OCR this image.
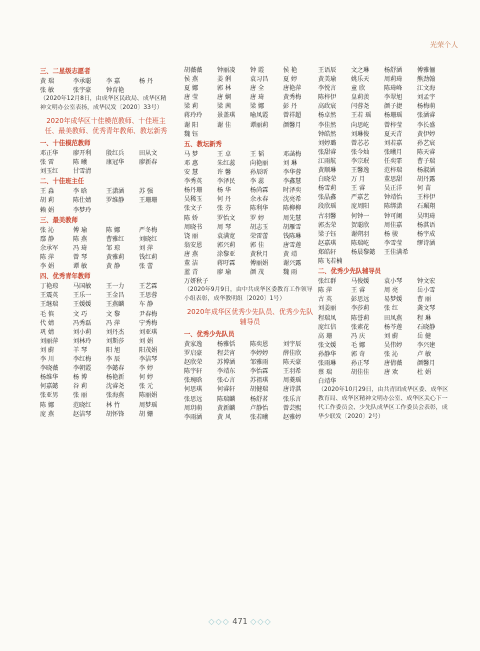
光荣个人
三、二星级志愿者
黄 瑞	李承聪	李 嘉	杨 丹
张 敏	张宇豪	钟育艳
（2020年12月8日，由成华区民政局、成华区精神文明办公室表扬，成华民发〔2020〕33号）
2020年成华区十佳模范教师、十佳班主任、最美教师、优秀青年教师、教坛新秀
一、十佳模范教师
邓正华	廖开利	殷红兵	田从文
张 雷	陈 曦	康冠华	廖新春
刘玉红	甘雪清
二、十佳班主任
王 淼	李 晗	王潇涵	苏 强
胡 莉	陈仕婧	罗维静	王珊珊
赖 娟	李梦玲
三、最美教师
张 沁	傅 瑜	陈 娜	严冬梅
鄢 静	陈 燕	曹雅红	刘晓红
余承军	冯 琦	邹 琼	刘 萍
陈 萍	曾 琴	黄雅莉	钱红莉
李 娟	谭 敏	黄 静	张 蕾
四、优秀青年教师
丁艳琼	马国敏	王一力	王艺霖
王震英	王乐一	王金昌	王思蓉
王继瑞	王媛媛	王燕麟	车 静
毛 傧	文 巧	文 黎	尹春梅
代 婧	冯秀磊	冯 萍	宁秀梅
巩 婧	刘小莉	刘丹杰	刘亚琪
刘丽萍	刘林玲	刘斯莎	刘 娟
刘 蔚	羊 琴	阳 旭	阳茂娟
李 川	李红梅	李 辰	李洁琴
李晓薇	李朝霞	李懿春	李 婷
杨维华	杨 博	杨艳新	何 婷
何嘉懿	谷 莉	沈睿尧	张 元
张亚男	张 丽	张海燕	陈丽娟
陈 娜	范晓红	林 竹	周梦瑶
庞 燕	赵洁琴	胡怀锋	胡 姗
胡薇薇	钟丽凌	钟 霞	侯 艳
侯 燕	姜 俐	袁习昌	夏 婷
夏 娜	郭 林	唐 全	唐艳萍
唐 莹	唐 娴	唐 琦	黄秀梅
梁 莉	梁 茜	梁 娜	彭 丹
蒋玲玲	景盖琪	喻凤霞	曾祥超
谢 阳	谢 佳	谭丽莉	颜馨月
魏 钰
五、教坛新秀
马 梦	王 卓	王 韬	邓菡梅
邓 惠	朱红蕊	向艳丽	刘 琳
安 慧	许 馨	孙辰昕	李华蓉
李秀英	李泽民	李 蕊	李鑫慧
杨丹珊	杨 华	杨尚霖	时泽奕
吴稀玉	何 丹	余永春	沈亮希
张文子	张 芬	陈利华	陈柳柳
陈 娇	罗怡文	罗 婷	周先慧
周晓书	周 琴	胡志玉	胡雁雪
饶 丽	袁满宽	荣雷蕾	钱陈琳
翁安恩	郭兴莉	郭 佳	唐雪莲
唐 燕	涂黎亚	黄秋月	黄 靖
董 洁	蒋旴霖	傅丽娟	谢兴露
蓝 青	廖 瑜	颜 茂	魏 雨
万妍秋子
（2020年9月9日，由中共成华区委教育工作领导小组表彰，成华教明组〔2020〕1号）
2020年成华区优秀少先队员、优秀少先队辅导员
一、优秀少先队员
黄家逸	杨雅恬	陈奕恩	刘宇辰
罗启豪	程芸宵	李婷婷	薛佳欣
赵欣荣	苏博涵	邹雅雨	陈天豪
陈宇轩	李靖东	李怡霖	王羽希
张琬晗	张心言	苏祖琪	周菱瑶
何思琪	何睿轩	胡健瑞	唐诗淇
张思远	陈瑞麟	杨舒茗	张乐言
周玥萌	黄新麟	卢静怡	曾芸熙
李雨涵	黄 风	张若曦	赵雅婷
王语辰	文之琳	杨舒涵	傅雅俪
黄美瑜	姚乐天	周莉琦	熊劲翰
李悦言	童 欣	陈琦峰	江文海
陈梓伊	皇莉羡	李翠旭	刘孟宇
高政宸	闫蓉尧	颜子捷	杨梅萌
杨卓然	王若 瑶	杨珊瑶	张涵睿
李佳然	向思屹	曾梓莹	李长盛
钟皓然	刘琳俊	夏天青	黄伊婷
刘婷璐	曾芯芯	刘若嘉	孙艺宸
张甜睿	张今灿	张曦月	陈天睿
江雨航	李宗珉	任奕霏	曹子瑞
黄顺琳	王馨逸	范梓瑞	杨淑涵
白晓荣	万 月	董思甜	胡丹露
杨雪莉	王 睿	吴正洋	何 苗
张晶鑫	严嘉艺	钟靖怡	王梓伊
段欣瑶	庞周阳	陈绑潇	石珮翔
古羽馨	何钟一	钟可阑	吴明琦
郭杰荣	贺聪欣	周佳嘉	杨淇语
梁子钰	谢朔羽	杨 骏	杨宇成
赵嘉琪	陈瑞屹	李雪莹	缪诗涵
郑皓轩	杨晨黎懿	王佳满希
陈飞若楠
二、优秀少先队辅导员
张红群	马俊媛	袁小琴	钟文宏
陈 萍	王 睿	周 亮	岳小雪
古 英	彭思远	易梦媛	曹 丽
刘姜丽	李莎莉	张 红	龚文琴
程瑞凤	陈誉莉	田凤燕	程 琳
庞红信	张素花	杨芩莲	石晓静
高 珊	冯 庆	刘 蔚	岳 健
张文媛	毛 娜	吴伟婷	李兴建
孙静华	郭 奇	张 沁	卢 敏
张雨琳	孙正琴	唐倩薇	颜馨月
蔡 瑞	胡佳佳	唐 欢	杜 娟
白靖华
（2020年10月29日，由共青团成华区委、成华区教育局、成华区精神文明办公室、成华区关心下一代工作委员会、少先队成华区工作委员会表彰，成华少联发〔2020〕2号）
◇◇◇ 471 ◇◇◇
